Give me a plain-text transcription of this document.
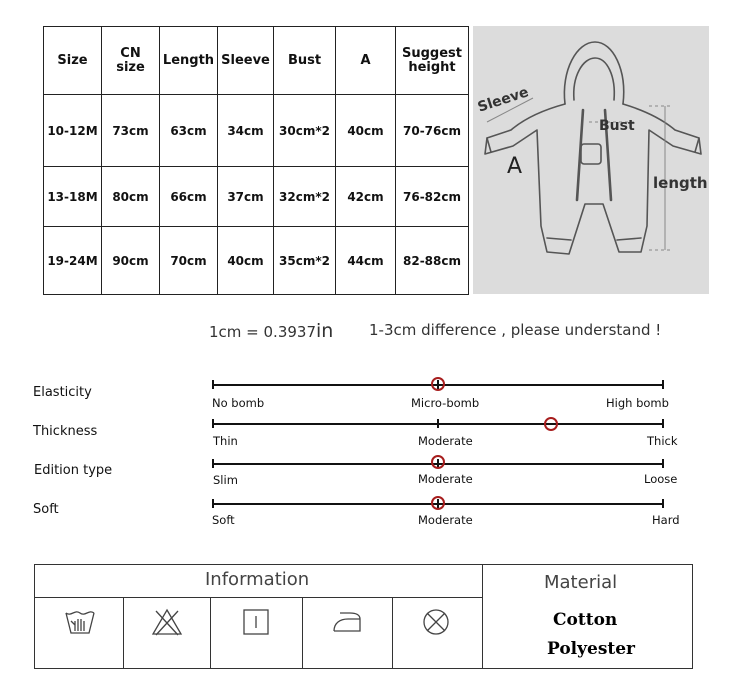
Size	CN size	Length	Sleeve	Bust	A	Suggest height
10-12M	73cm	63cm	34cm	30cm*2	40cm	70-76cm
13-18M	80cm	66cm	37cm	32cm*2	42cm	76-82cm
19-24M	90cm	70cm	40cm	35cm*2	44cm	82-88cm
Sleeve
Bust
A
length
1cm = 0.3937in 1-3cm difference , please understand !
Elasticity
No bomb	Micro-bomb	High bomb
Thickness
Thin	Moderate	Thick
Edition type
Slim	Moderate	Loose
Soft
Soft	Moderate	Hard
Information	Material
Cotton
Polyester
